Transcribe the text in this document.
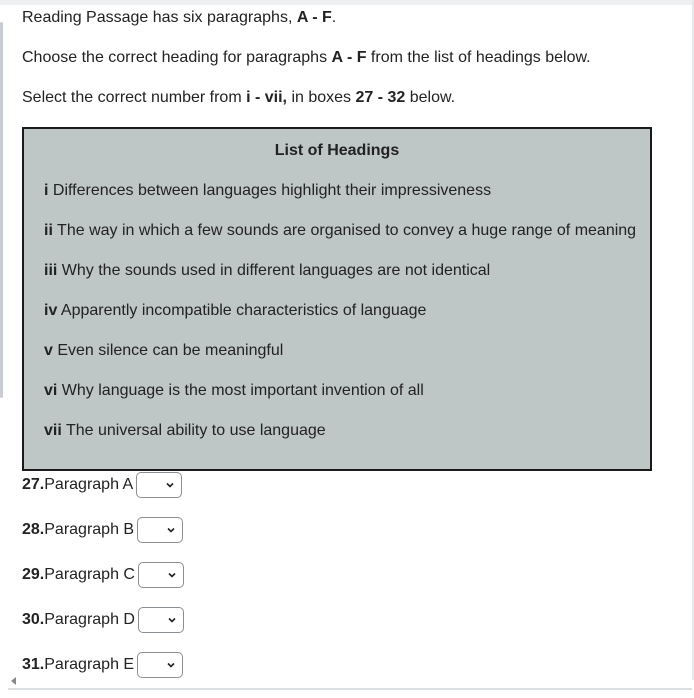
Reading Passage has six paragraphs, A - F.

Choose the correct heading for paragraphs A - F from the list of headings below.

Select the correct number from i - vii, in boxes 27 - 32 below.

List of Headings
i Differences between languages highlight their impressiveness
ii The way in which a few sounds are organised to convey a huge range of meaning
iii Why the sounds used in different languages are not identical
iv Apparently incompatible characteristics of language
v Even silence can be meaningful
vi Why language is the most important invention of all
vii The universal ability to use language
27. Paragraph A
28. Paragraph B
29. Paragraph C
30. Paragraph D
31. Paragraph E
